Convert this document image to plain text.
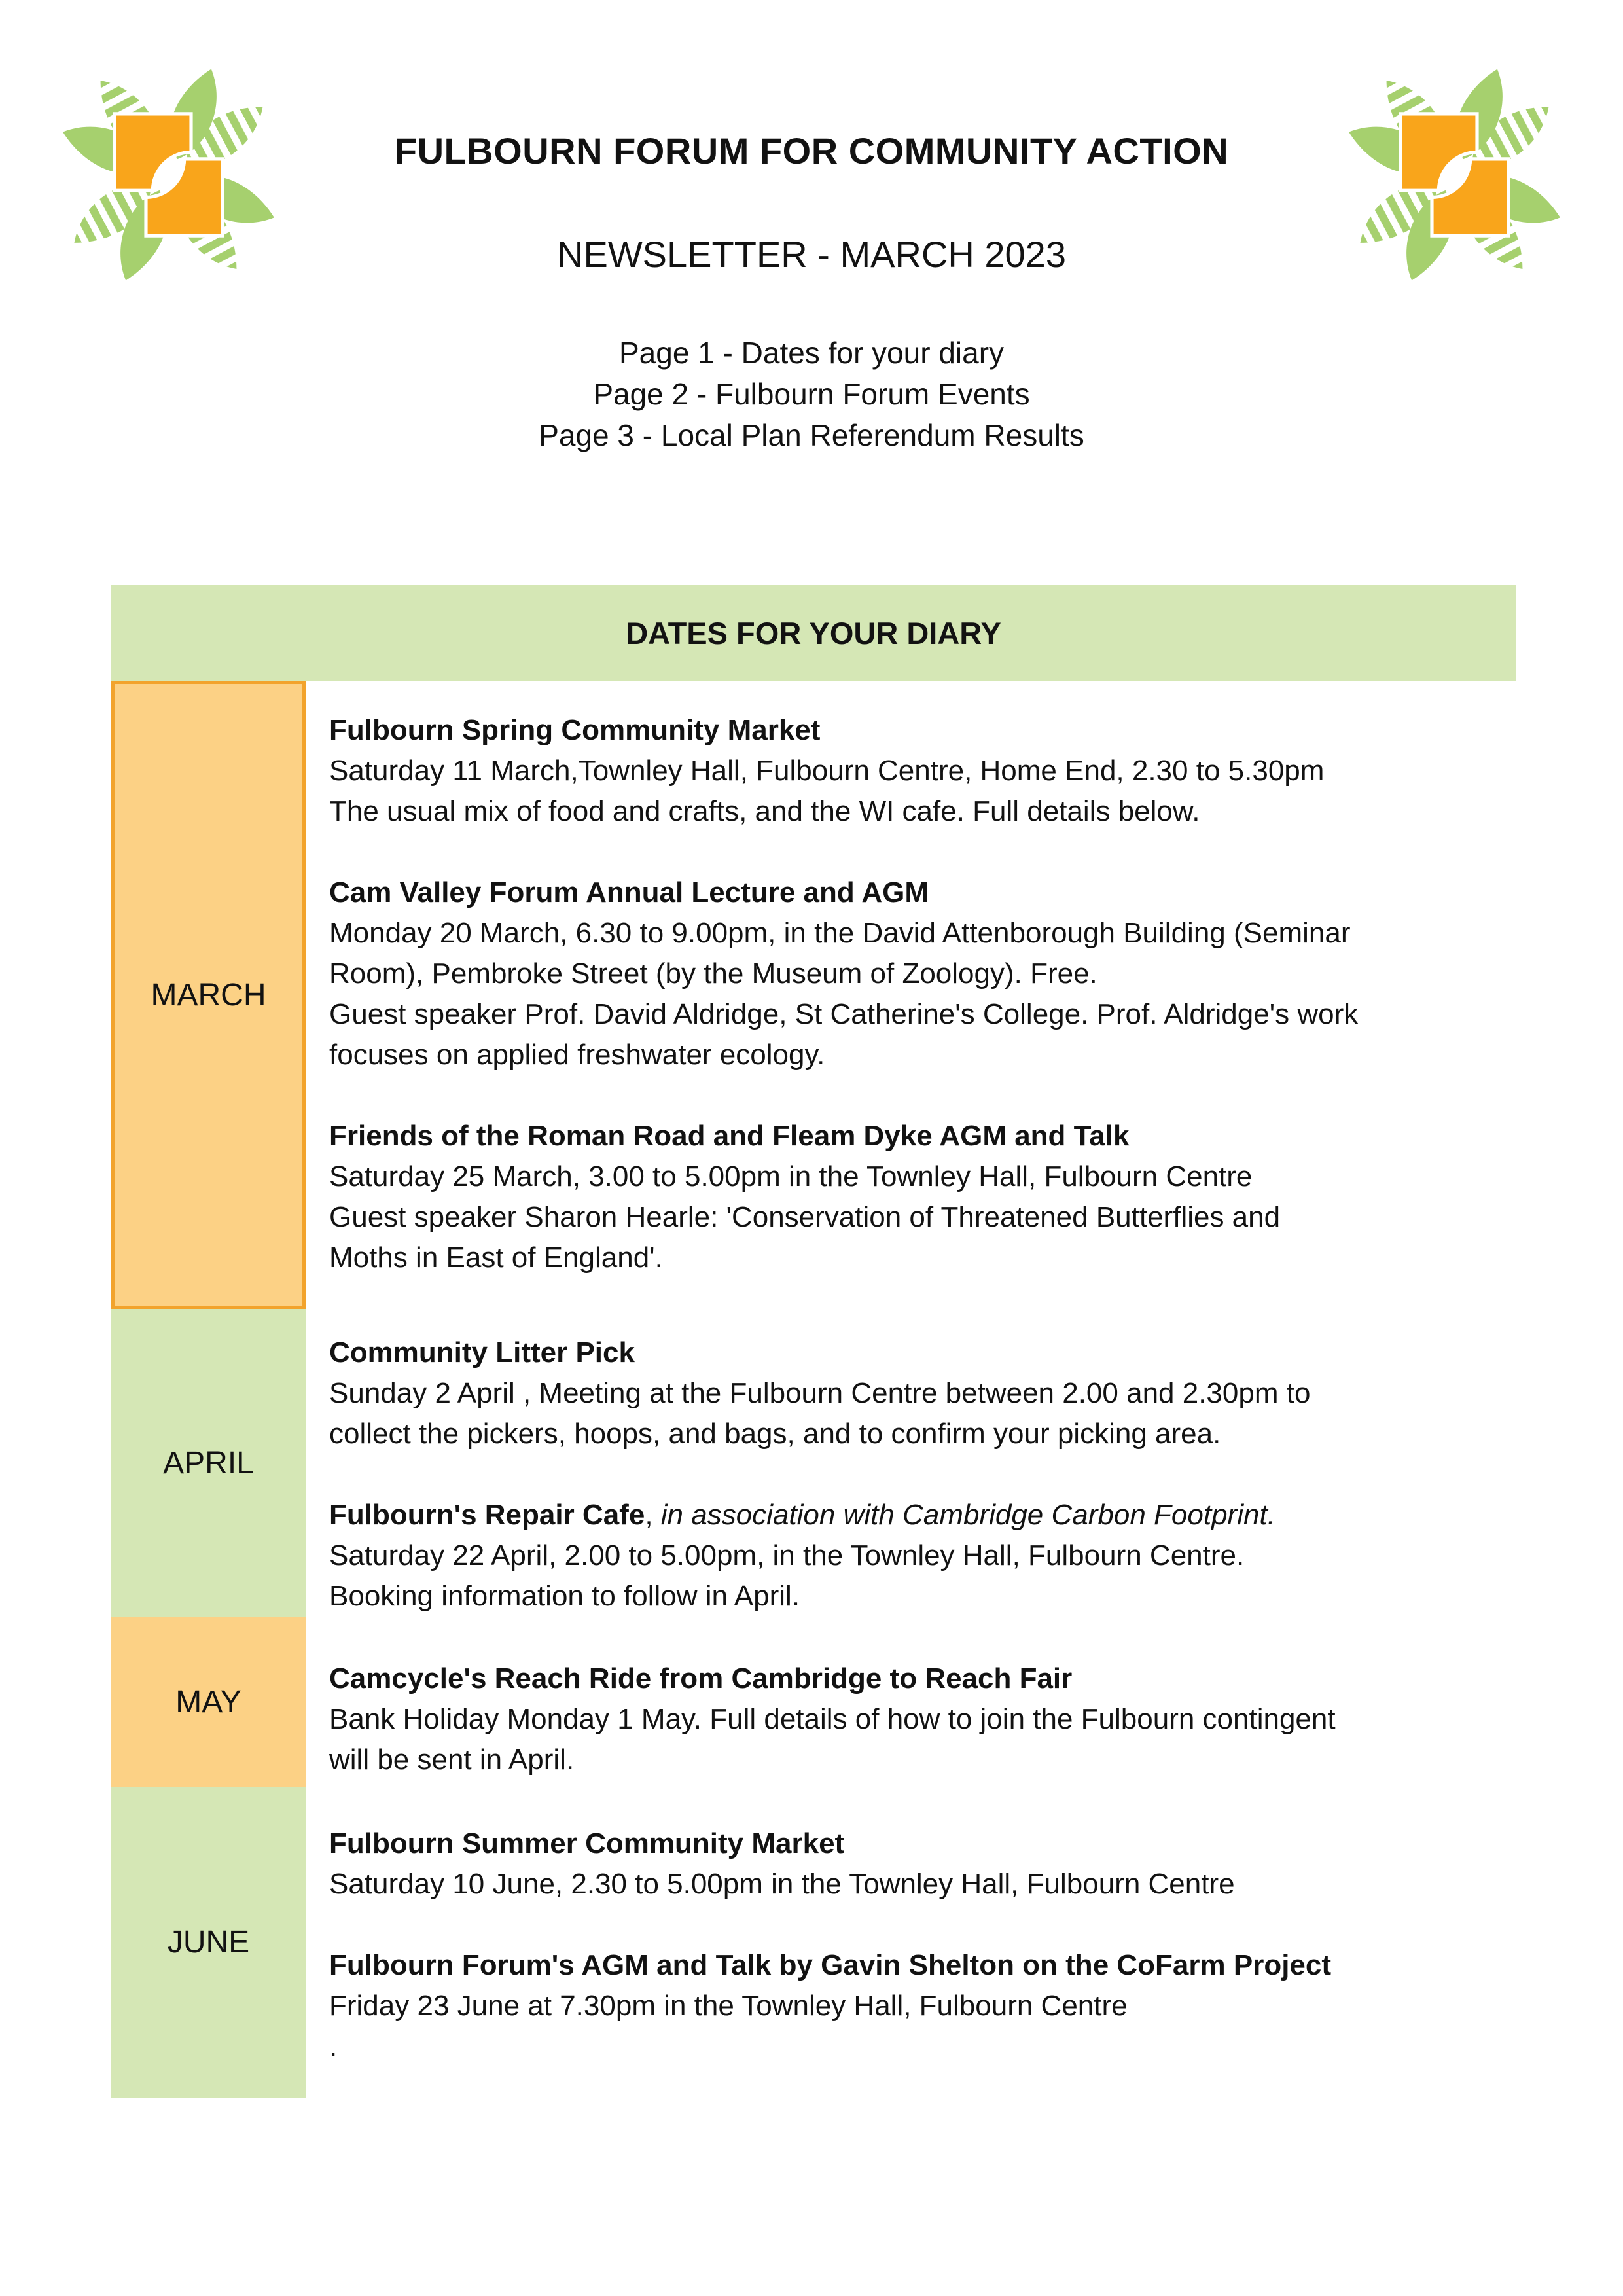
FULBOURN FORUM FOR COMMUNITY ACTION
NEWSLETTER - MARCH 2023
Page 1 - Dates for your diary
Page 2 - Fulbourn Forum Events
Page 3 - Local Plan Referendum Results
DATES FOR YOUR DIARY
MARCH
Fulbourn Spring Community Market
Saturday 11 March,Townley Hall, Fulbourn Centre, Home End, 2.30 to 5.30pm
The usual mix of food and crafts, and the WI cafe. Full details below.
Cam Valley Forum Annual Lecture and AGM
Monday 20 March, 6.30 to 9.00pm, in the David Attenborough Building (Seminar
Room), Pembroke Street (by the Museum of Zoology). Free.
Guest speaker Prof. David Aldridge, St Catherine's College. Prof. Aldridge's work
focuses on applied freshwater ecology.
Friends of the Roman Road and Fleam Dyke AGM and Talk
Saturday 25 March, 3.00 to 5.00pm in the Townley Hall, Fulbourn Centre
Guest speaker Sharon Hearle: 'Conservation of Threatened Butterflies and
Moths in East of England'.
APRIL
Community Litter Pick
Sunday 2 April , Meeting at the Fulbourn Centre between 2.00 and 2.30pm to
collect the pickers, hoops, and bags, and to confirm your picking area.
Fulbourn's Repair Cafe, in association with Cambridge Carbon Footprint.
Saturday 22 April, 2.00 to 5.00pm, in the Townley Hall, Fulbourn Centre.
Booking information to follow in April.
MAY
Camcycle's Reach Ride from Cambridge to Reach Fair
Bank Holiday Monday 1 May. Full details of how to join the Fulbourn contingent
will be sent in April.
JUNE
Fulbourn Summer Community Market
Saturday 10 June, 2.30 to 5.00pm in the Townley Hall, Fulbourn Centre
Fulbourn Forum's AGM and Talk by Gavin Shelton on the CoFarm Project
Friday 23 June at 7.30pm in the Townley Hall, Fulbourn Centre
.
